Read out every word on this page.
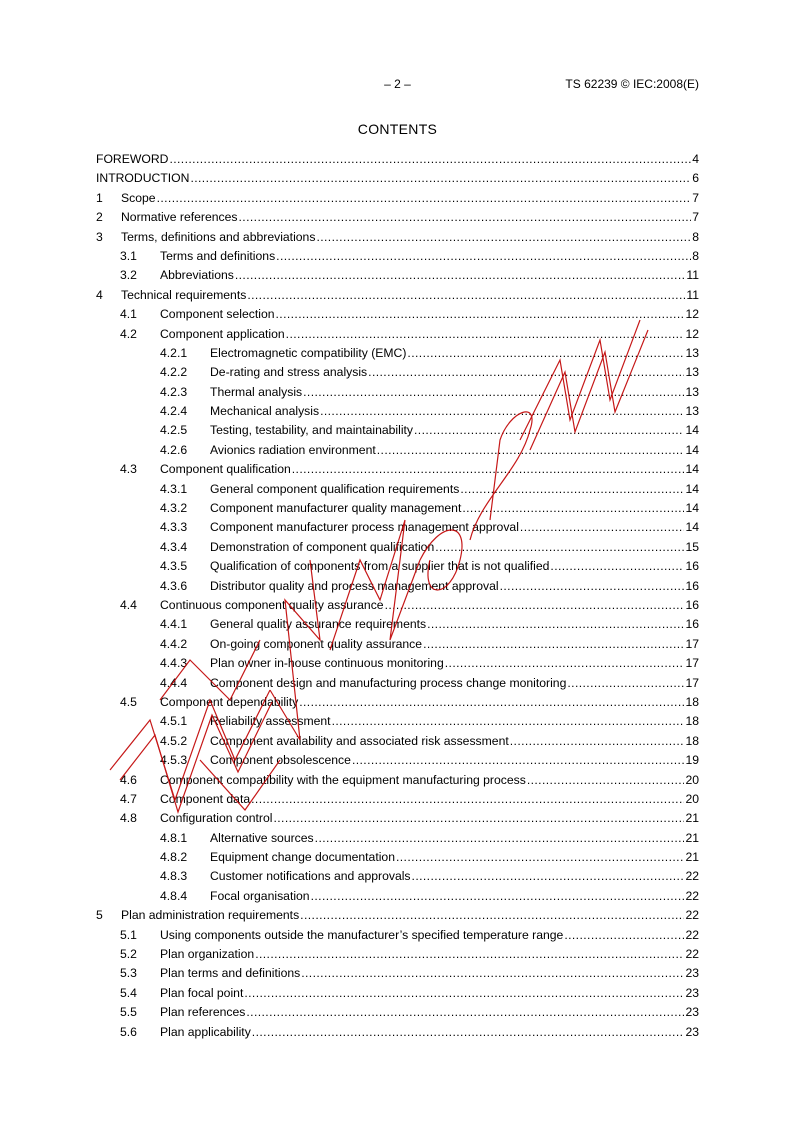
– 2 –	TS 62239 © IEC:2008(E)
CONTENTS
FOREWORD .....	4
INTRODUCTION .....	6
1	Scope .....	7
2	Normative references .....	7
3	Terms, definitions and abbreviations .....	8
3.1	Terms and definitions .....	8
3.2	Abbreviations .....	11
4	Technical requirements .....	11
4.1	Component selection .....	12
4.2	Component application .....	12
4.2.1	Electromagnetic compatibility (EMC) .....	13
4.2.2	De-rating and stress analysis .....	13
4.2.3	Thermal analysis .....	13
4.2.4	Mechanical analysis .....	13
4.2.5	Testing, testability, and maintainability .....	14
4.2.6	Avionics radiation environment .....	14
4.3	Component qualification .....	14
4.3.1	General component qualification requirements .....	14
4.3.2	Component manufacturer quality management .....	14
4.3.3	Component manufacturer process management approval .....	14
4.3.4	Demonstration of component qualification .....	15
4.3.5	Qualification of components from a supplier that is not qualified .....	16
4.3.6	Distributor quality and process management approval .....	16
4.4	Continuous component quality assurance .....	16
4.4.1	General quality assurance requirements .....	16
4.4.2	On-going component quality assurance .....	17
4.4.3	Plan owner in-house continuous monitoring .....	17
4.4.4	Component design and manufacturing process change monitoring .....	17
4.5	Component dependability .....	18
4.5.1	Reliability assessment .....	18
4.5.2	Component availability and associated risk assessment .....	18
4.5.3	Component obsolescence .....	19
4.6	Component compatibility with the equipment manufacturing process .....	20
4.7	Component data .....	20
4.8	Configuration control .....	21
4.8.1	Alternative sources .....	21
4.8.2	Equipment change documentation .....	21
4.8.3	Customer notifications and approvals .....	22
4.8.4	Focal organisation .....	22
5	Plan administration requirements .....	22
5.1	Using components outside the manufacturer’s specified temperature range .....	22
5.2	Plan organization .....	22
5.3	Plan terms and definitions .....	23
5.4	Plan focal point .....	23
5.5	Plan references .....	23
5.6	Plan applicability .....	23
